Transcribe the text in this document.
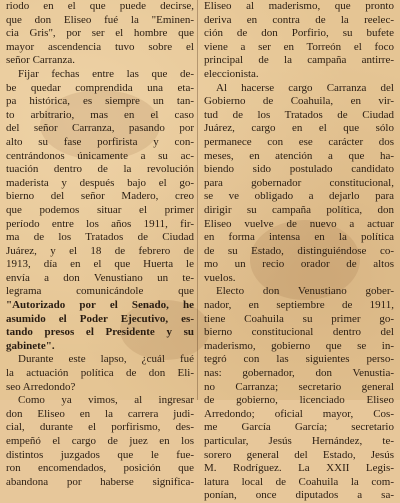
riodo en el que puede decirse,
que don Eliseo fué la "Eminen-
cia Gris", por ser el hombre que
mayor ascendencia tuvo sobre el
señor Carranza.
Fijar fechas entre las que de-
be quedar comprendida una eta-
pa histórica, es siempre un tan-
to arbitrario, mas en el caso
del señor Carranza, pasando por
alto su fase porfirista y con-
centrándonos únicamente a su ac-
tuación dentro de la revolución
maderista y después bajo el go-
bierno del señor Madero, creo
que podemos situar el primer
período entre los años 1911, fir-
ma de los Tratados de Ciudad
Juárez, y el 18 de febrero de
1913, día en el que Huerta le
envía a don Venustiano un te-
legrama comunicándole que
"Autorizado por el Senado, he
asumido el Poder Ejecutivo, es-
tando presos el Presidente y su
gabinete".
Durante este lapso, ¿cuál fué
la actuación política de don Eli-
seo Arredondo?
Como ya vimos, al ingresar
don Eliseo en la carrera judi-
cial, durante el porfirismo, des-
empeñó el cargo de juez en los
distintos juzgados que le fue-
ron encomendados, posición que
abandona por haberse significa-
Eliseo al maderismo, que pronto
deriva en contra de la reelec-
ción de don Porfirio, su bufete
viene a ser en Torreón el foco
principal de la campaña antirre-
eleccionista.
Al hacerse cargo Carranza del
Gobierno de Coahuila, en vir-
tud de los Tratados de Ciudad
Juárez, cargo en el que sólo
permanece con ese carácter dos
meses, en atención a que ha-
biendo sido postulado candidato
para gobernador constitucional,
se ve obligado a dejarlo para
dirigir su campaña política, don
Eliseo vuelve de nuevo a actuar
en forma intensa en la política
de su Estado, distinguiéndose co-
mo un recio orador de altos
vuelos.
Electo don Venustiano gober-
nador, en septiembre de 1911,
tiene Coahuila su primer go-
bierno constitucional dentro del
maderismo, gobierno que se in-
tegró con las siguientes perso-
nas: gobernador, don Venustia-
no Carranza; secretario general
de gobierno, licenciado Eliseo
Arredondo; oficial mayor, Cos-
me García García; secretario
particular, Jesús Hernández, te-
sorero general del Estado, Jesús
M. Rodríguez. La XXII Legis-
latura local de Coahuila la com-
ponían, once diputados a sa-
